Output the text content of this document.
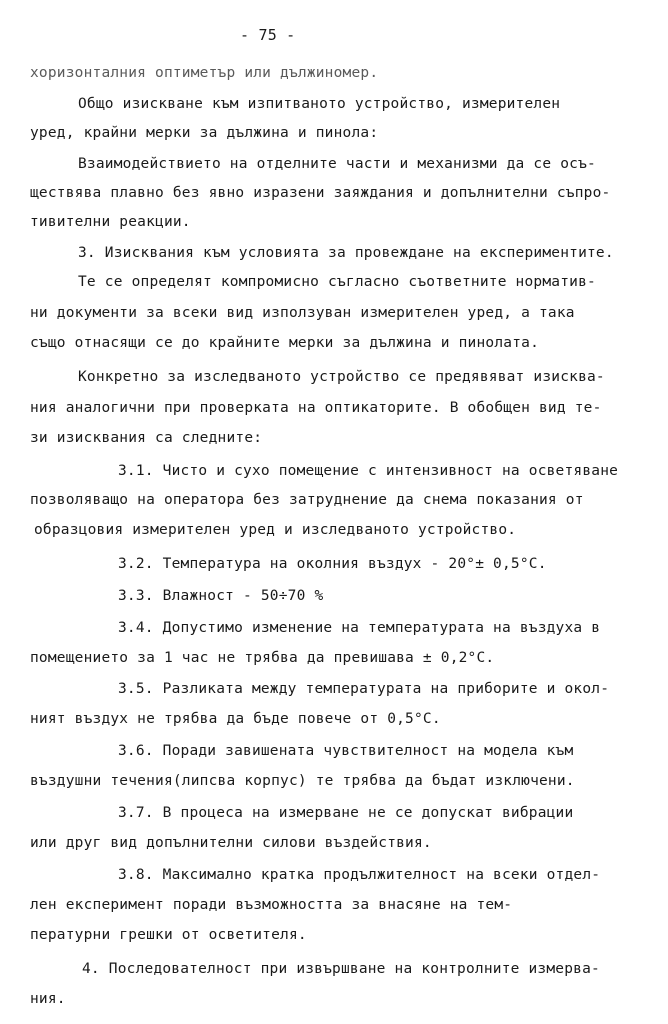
- 75 -
хоризонталния оптиметър или дължиномер.
Общо изискване към изпитваното устройство, измерителен
уред, крайни мерки за дължина и пинола:
Взаимодействието на отделните части и механизми да се осъ-
ществява плавно без явно изразени заяждания и допълнителни съпро-
тивителни реакции.
3. Изисквания към условията за провеждане на експериментите.
Те се определят компромисно съгласно съответните норматив-
ни документи за всеки вид използуван измерителен уред, а така
също отнасящи се до крайните мерки за дължина и пинолата.
Конкретно за изследваното устройство се предявяват изисква-
ния аналогични при проверката на оптикаторите. В обобщен вид те-
зи изисквания са следните:
3.1. Чисто и сухо помещение с интензивност на осветяване
позволяващо на оператора без затруднение да снема показания от
образцовия измерителен уред и изследваното устройство.
3.2. Температура на околния въздух - 20°± 0,5°С.
3.3. Влажност - 50÷70 %
3.4. Допустимо изменение на температурата на въздуха в
помещението за 1 час не трябва да превишава ± 0,2°С.
3.5. Разликата между температурата на приборите и окол-
ният въздух не трябва да бъде повече от 0,5°С.
3.6. Поради завишената чувствителност на модела към
въздушни течения(липсва корпус) те трябва да бъдат изключени.
3.7. В процеса на измерване не се допускат вибрации
или друг вид допълнителни силови въздействия.
3.8. Максимално кратка продължителност на всеки отдел-
лен експеримент поради възможността за внасяне на тем-
пературни грешки от осветителя.
4. Последователност при извършване на контролните измерва-
ния.
